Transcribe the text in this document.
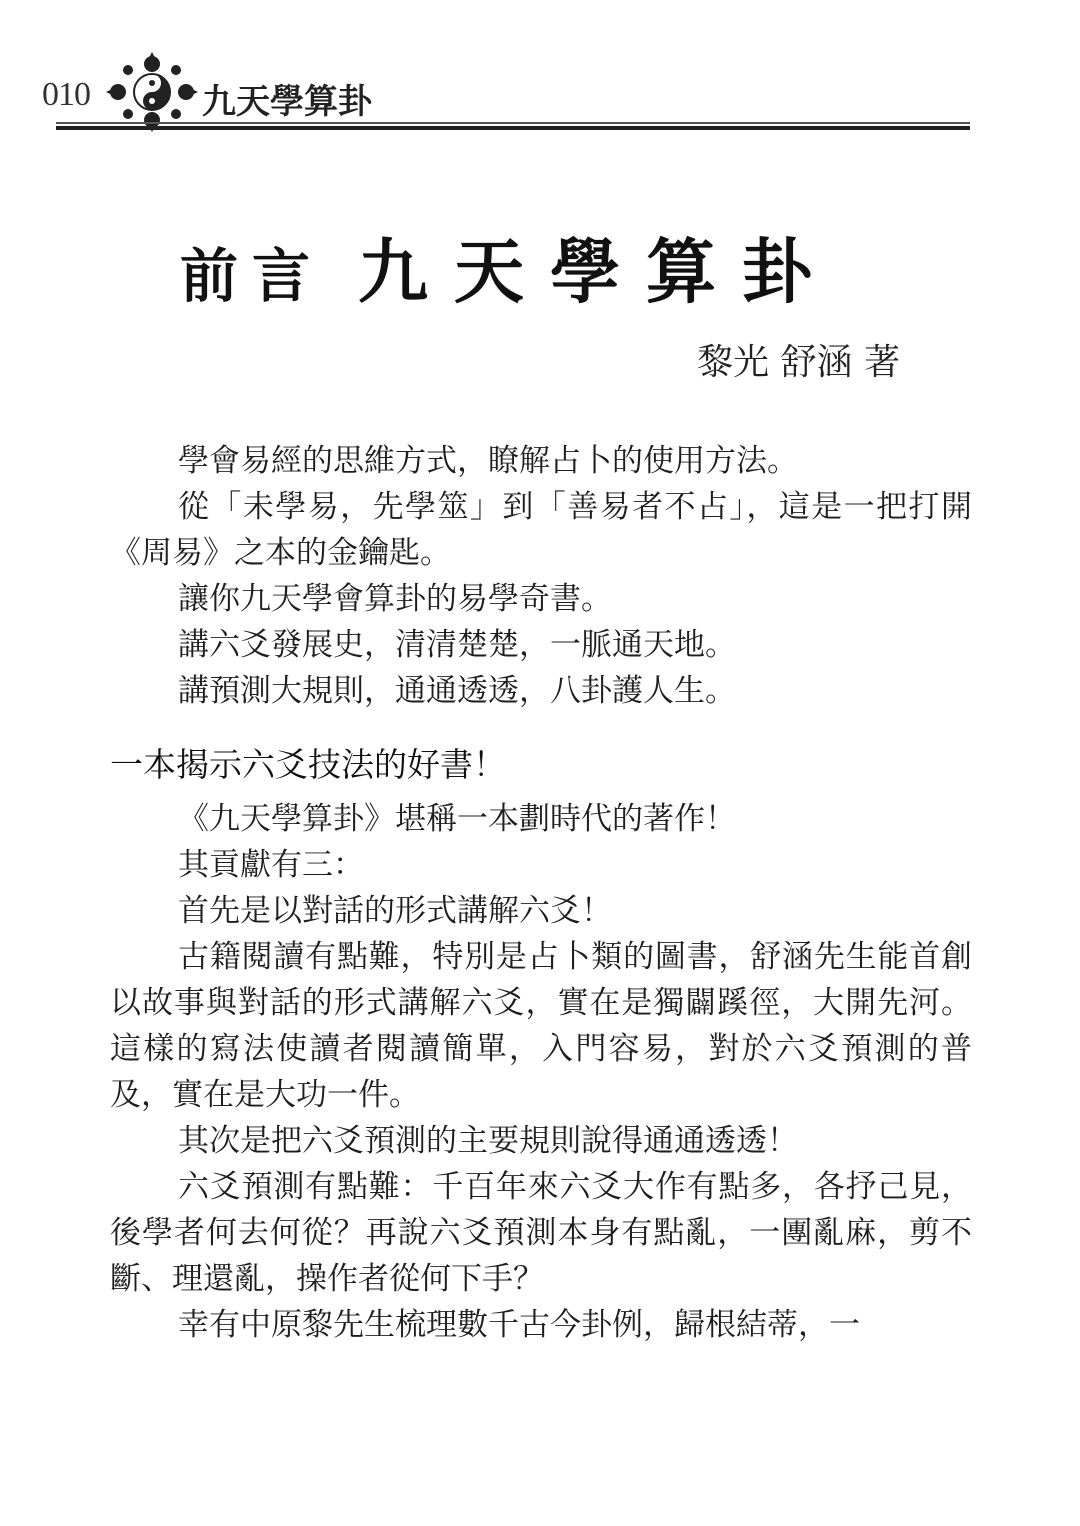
010	九天學算卦
前言 九天學算卦
黎光 舒涵 著

學會易經的思維方式，瞭解占卜的使用方法。

從「未學易，先學筮」到「善易者不占」，這是一把打開《周易》之本的金鑰匙。

讓你九天學會算卦的易學奇書。

講六爻發展史，清清楚楚，一脈通天地。

講預測大規則，通通透透，八卦護人生。

一本揭示六爻技法的好書！

《九天學算卦》堪稱一本劃時代的著作！

其貢獻有三：

首先是以對話的形式講解六爻！

古籍閱讀有點難，特別是占卜類的圖書，舒涵先生能首創以故事與對話的形式講解六爻，實在是獨闢蹊徑，大開先河。這樣的寫法使讀者閱讀簡單，入門容易，對於六爻預測的普及，實在是大功一件。

其次是把六爻預測的主要規則說得通通透透！

六爻預測有點難：千百年來六爻大作有點多，各抒己見，後學者何去何從？再說六爻預測本身有點亂，一團亂麻，剪不斷、理還亂，操作者從何下手？

幸有中原黎先生梳理數千古今卦例，歸根結蒂，一
